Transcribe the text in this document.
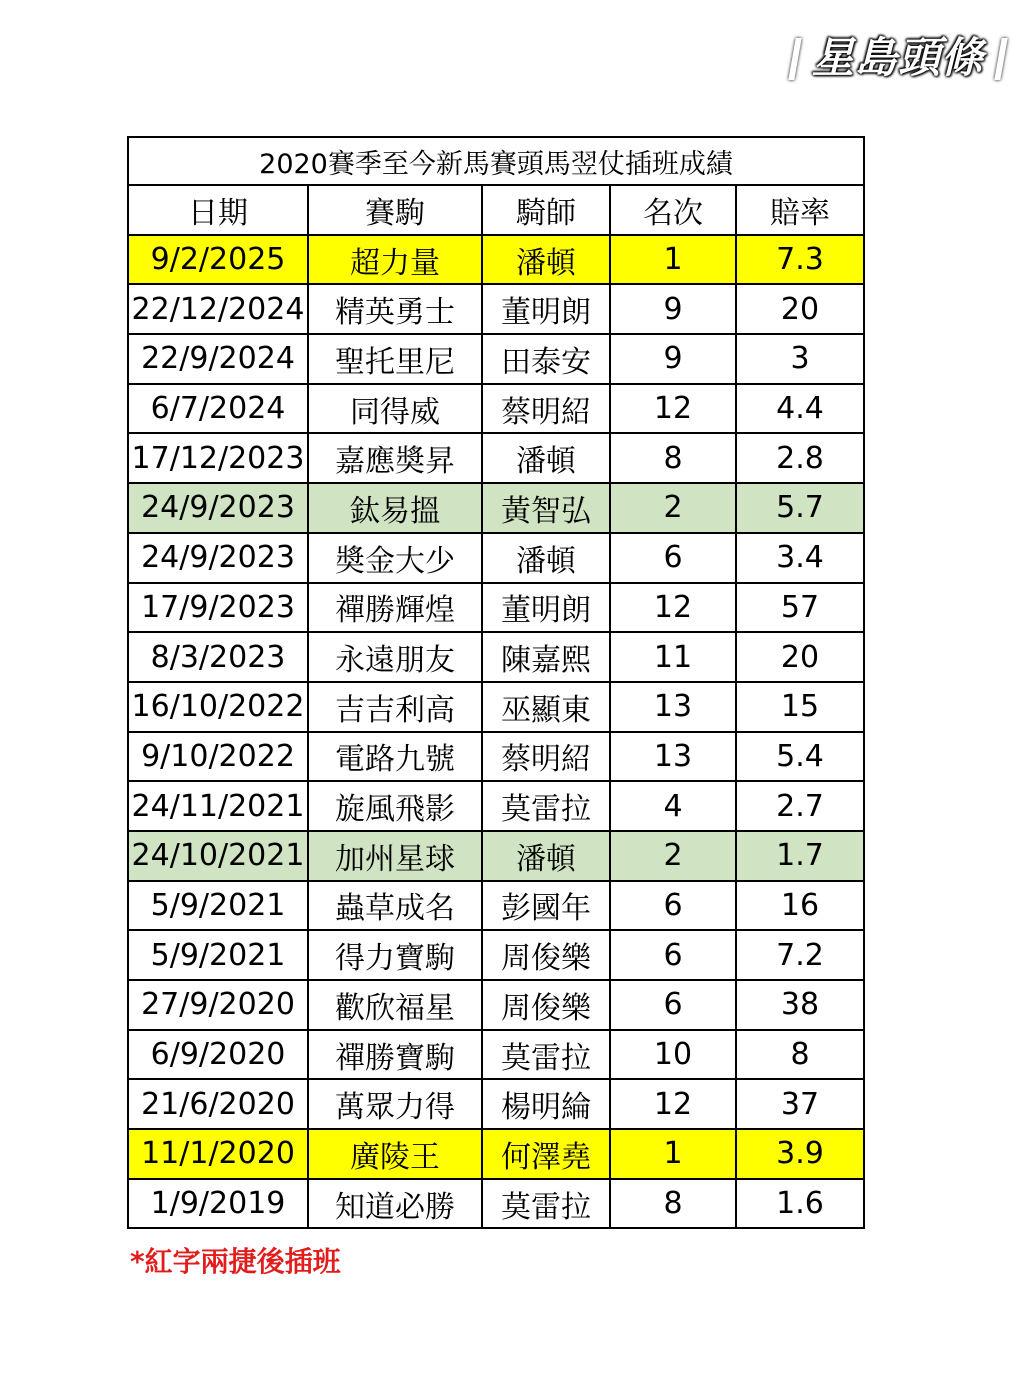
星島頭條
2020賽季至今新馬賽頭馬翌仗插班成績				
日期	賽駒	騎師	名次	賠率
9/2/2025	超力量	潘頓	1	7.3
22/12/2024	精英勇士	董明朗	9	20
22/9/2024	聖托里尼	田泰安	9	3
6/7/2024	同得威	蔡明紹	12	4.4
17/12/2023	嘉應奬昇	潘頓	8	2.8
24/9/2023	鈦易搵	黃智弘	2	5.7
24/9/2023	奬金大少	潘頓	6	3.4
17/9/2023	禪勝輝煌	董明朗	12	57
8/3/2023	永遠朋友	陳嘉熙	11	20
16/10/2022	吉吉利高	巫顯東	13	15
9/10/2022	電路九號	蔡明紹	13	5.4
24/11/2021	旋風飛影	莫雷拉	4	2.7
24/10/2021	加州星球	潘頓	2	1.7
5/9/2021	蟲草成名	彭國年	6	16
5/9/2021	得力寶駒	周俊樂	6	7.2
27/9/2020	歡欣福星	周俊樂	6	38
6/9/2020	禪勝寶駒	莫雷拉	10	8
21/6/2020	萬眾力得	楊明綸	12	37
11/1/2020	廣陵王	何澤堯	1	3.9
1/9/2019	知道必勝	莫雷拉	8	1.6
*紅字兩捷後插班
